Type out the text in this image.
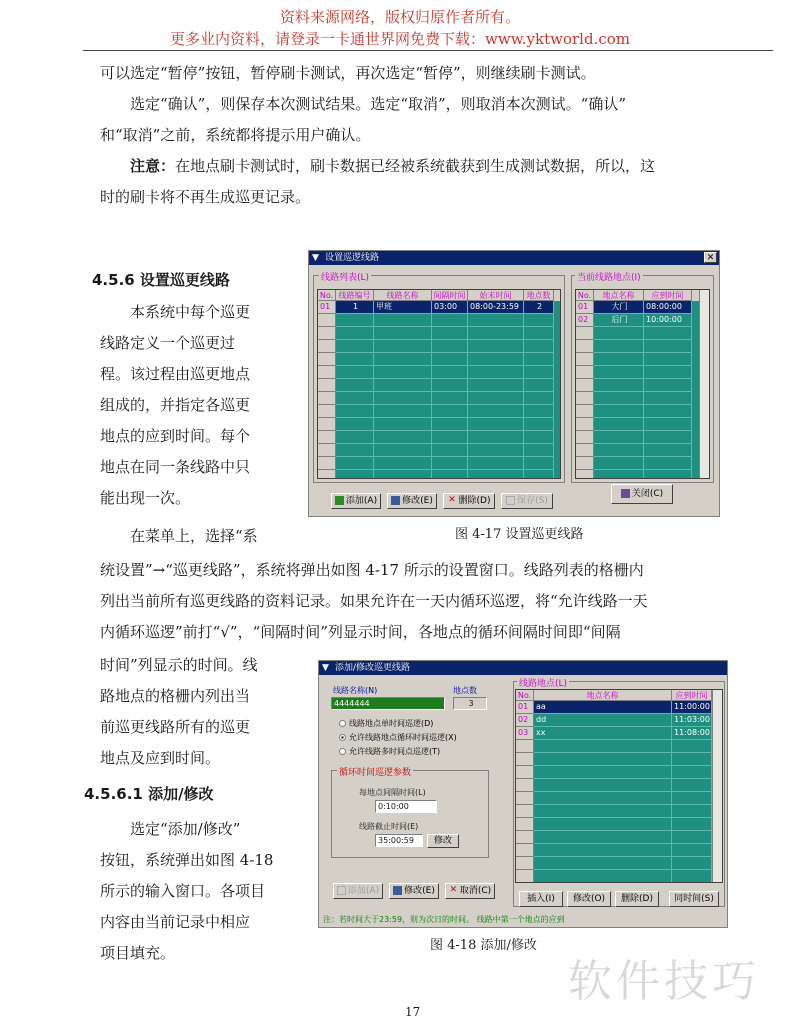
资料来源网络，版权归原作者所有。
更多业内资料，请登录一卡通世界网免费下载：www.yktworld.com
可以选定“暂停”按钮，暂停刷卡测试，再次选定“暂停”，则继续刷卡测试。
选定“确认”，则保存本次测试结果。选定“取消”，则取消本次测试。“确认”
和“取消”之前，系统都将提示用户确认。
注意：在地点刷卡测试时，刷卡数据已经被系统截获到生成测试数据，所以，这
时的刷卡将不再生成巡更记录。
4.5.6 设置巡更线路
本系统中每个巡更
线路定义一个巡更过
程。该过程由巡更地点
组成的，并指定各巡更
地点的应到时间。每个
地点在同一条线路中只
能出现一次。
在菜单上，选择“系
统设置”→“巡更线路”，系统将弹出如图 4-17 所示的设置窗口。线路列表的格栅内
列出当前所有巡更线路的资料记录。如果允许在一天内循环巡逻，将“允许线路一天
内循环巡逻”前打“√”，“间隔时间”列显示时间，各地点的循环间隔时间即“间隔
时间”列显示的时间。线
路地点的格栅内列出当
前巡更线路所有的巡更
地点及应到时间。
4.5.6.1 添加/修改
选定“添加/修改”
按钮，系统弹出如图 4-18
所示的输入窗口。各项目
内容由当前记录中相应
项目填充。
▼ 设置巡逻线路	✕
线路列表(L)
No. 线路编号	线路名称	间隔时间	始末时间	地点数
01	1	甲班	03:00	08:00-23:59	2
当前线路地点(I)
No.	地点名称	应到时间
01	大门	08:00:00
02	后门	10:00:00
添加(A)	修改(E)	✕ 删除(D)	保存(S)
关闭(C)
图 4-17 设置巡更线路
▼ 添加/修改巡更线路
线路名称(N)
4444444
地点数
3
线路地点单时间巡逻(D)
允许线路地点循环时间巡逻(X)
允许线路多时间点巡逻(T)
循环时间巡逻参数
每地点间隔时间(L)
0:10:00
线路截止时间(E)
35:00:59	修改
添加(A)	修改(E)	✕ 取消(C)
线路地点(L)
No.	地点名称	应到时间
01 aa	11:00:00
02 dd	11:03:00
03 xx	11:08:00
插入(I)	修改(O)	删除(D)	同时间(S)
注：若时间大于23:59，则为次日的时间。 线路中第一个地点的应到
图 4-18 添加/修改
软件技巧
17
